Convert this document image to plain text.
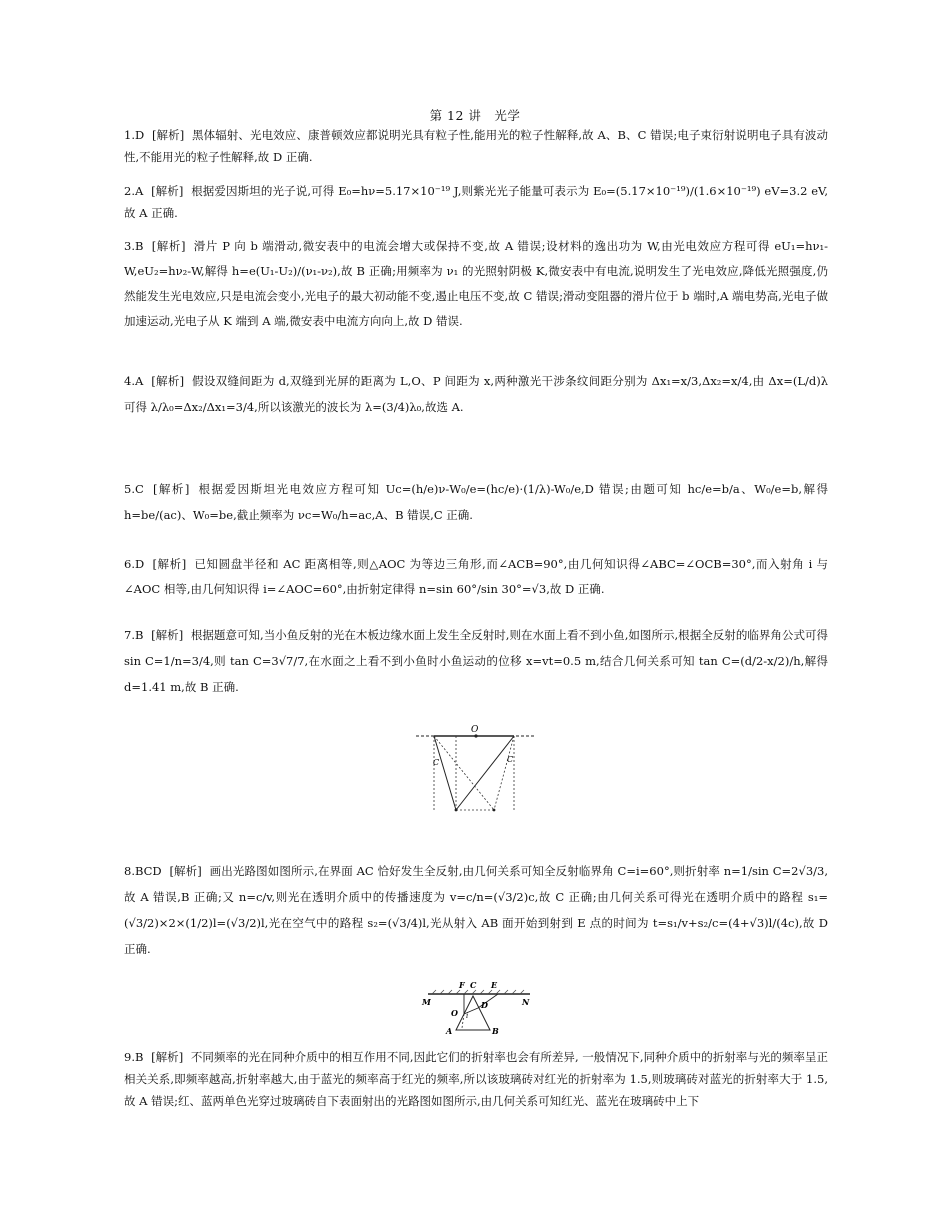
第 12 讲　光学
1.D [解析] 黑体辐射、光电效应、康普顿效应都说明光具有粒子性,能用光的粒子性解释,故 A、B、C 错误;电子束衍射说明电子具有波动性,不能用光的粒子性解释,故 D 正确.
2.A [解析] 根据爱因斯坦的光子说,可得 E₀=hν=5.17×10⁻¹⁹ J,则紫光光子能量可表示为 E₀=(5.17×10⁻¹⁹)/(1.6×10⁻¹⁹) eV=3.2 eV,故 A 正确.
3.B [解析] 滑片 P 向 b 端滑动,微安表中的电流会增大或保持不变,故 A 错误;设材料的逸出功为 W,由光电效应方程可得 eU₁=hν₁-W,eU₂=hν₂-W,解得 h=e(U₁-U₂)/(ν₁-ν₂),故 B 正确;用频率为 ν₁ 的光照射阴极 K,微安表中有电流,说明发生了光电效应,降低光照强度,仍然能发生光电效应,只是电流会变小,光电子的最大初动能不变,遏止电压不变,故 C 错误;滑动变阻器的滑片位于 b 端时,A 端电势高,光电子做加速运动,光电子从 K 端到 A 端,微安表中电流方向向上,故 D 错误.
4.A [解析] 假设双缝间距为 d,双缝到光屏的距离为 L,O、P 间距为 x,两种激光干涉条纹间距分别为 Δx₁=x/3,Δx₂=x/4,由 Δx=(L/d)λ 可得 λ/λ₀=Δx₂/Δx₁=3/4,所以该激光的波长为 λ=(3/4)λ₀,故选 A.
5.C [解析] 根据爱因斯坦光电效应方程可知 Uc=(h/e)ν-W₀/e=(hc/e)·(1/λ)-W₀/e,D 错误;由题可知 hc/e=b/a、W₀/e=b,解得 h=be/(ac)、W₀=be,截止频率为 νc=W₀/h=ac,A、B 错误,C 正确.
6.D [解析] 已知圆盘半径和 AC 距离相等,则△AOC 为等边三角形,而∠ACB=90°,由几何知识得∠ABC=∠OCB=30°,而入射角 i 与∠AOC 相等,由几何知识得 i=∠AOC=60°,由折射定律得 n=sin 60°/sin 30°=√3,故 D 正确.
7.B [解析] 根据题意可知,当小鱼反射的光在木板边缘水面上发生全反射时,则在水面上看不到小鱼,如图所示,根据全反射的临界角公式可得 sin C=1/n=3/4,则 tan C=3√7/7,在水面之上看不到小鱼时小鱼运动的位移 x=vt=0.5 m,结合几何关系可知 tan C=(d/2-x/2)/h,解得 d=1.41 m,故 B 正确.
O
C	C
8.BCD [解析] 画出光路图如图所示,在界面 AC 恰好发生全反射,由几何关系可知全反射临界角 C=i=60°,则折射率 n=1/sin C=2√3/3,故 A 错误,B 正确;又 n=c/v,则光在透明介质中的传播速度为 v=c/n=(√3/2)c,故 C 正确;由几何关系可得光在透明介质中的路程 s₁=(√3/2)×2×(1/2)l=(√3/2)l,光在空气中的路程 s₂=(√3/4)l,光从射入 AB 面开始到射到 E 点的时间为 t=s₁/v+s₂/c=(4+√3)l/(4c),故 D 正确.
M	N
F C E
D
O i
A	B
9.B [解析] 不同频率的光在同种介质中的相互作用不同,因此它们的折射率也会有所差异, 一般情况下,同种介质中的折射率与光的频率呈正相关关系,即频率越高,折射率越大,由于蓝光的频率高于红光的频率,所以该玻璃砖对红光的折射率为 1.5,则玻璃砖对蓝光的折射率大于 1.5,故 A 错误;红、蓝两单色光穿过玻璃砖自下表面射出的光路图如图所示,由几何关系可知红光、蓝光在玻璃砖中上下
